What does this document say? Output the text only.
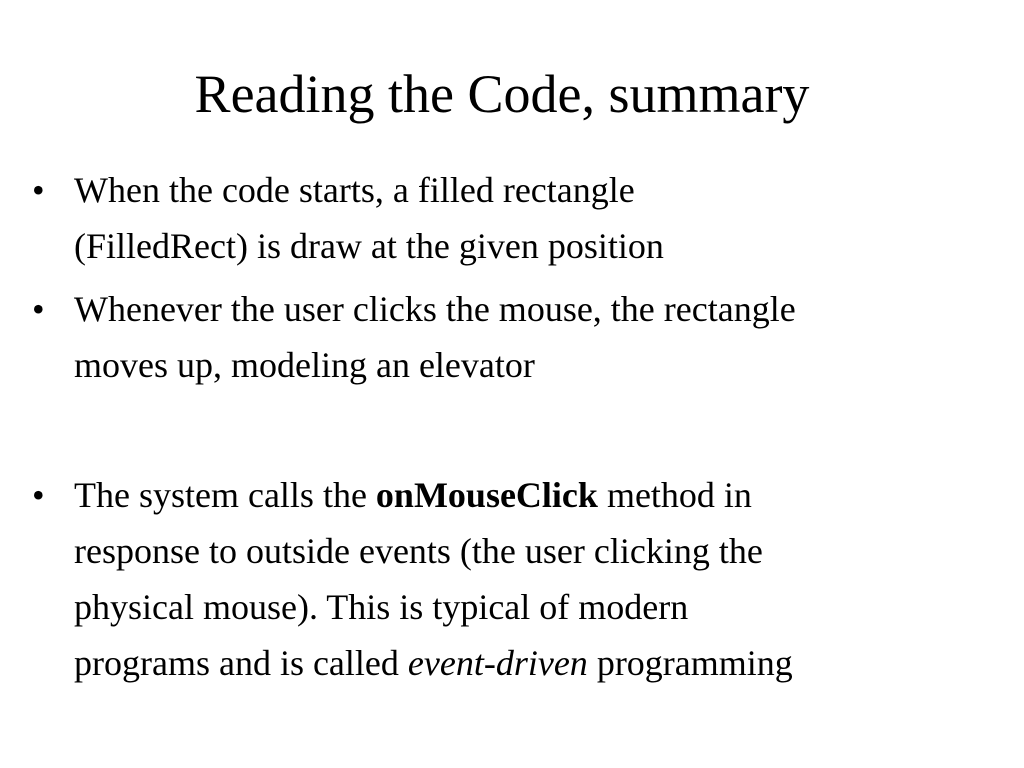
Reading the Code, summary
• When the code starts, a filled rectangle
(FilledRect) is draw at the given position
• Whenever the user clicks the mouse, the rectangle
moves up, modeling an elevator
• The system calls the onMouseClick method in
response to outside events (the user clicking the
physical mouse). This is typical of modern
programs and is called event-driven programming
